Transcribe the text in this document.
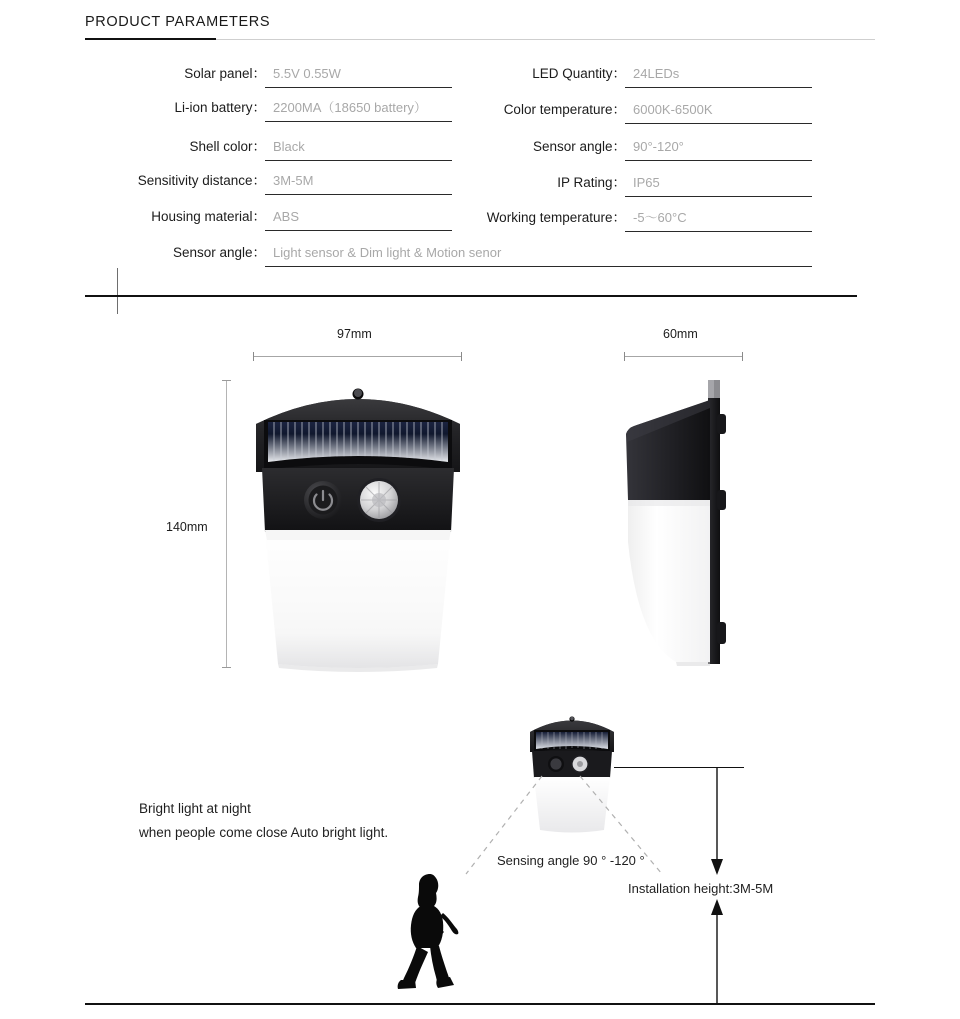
PRODUCT PARAMETERS
Solar panel： 5.5V 0.55W
Li-ion battery： 2200MA（18650 battery）
Shell color： Black
Sensitivity distance： 3M-5M
Housing material： ABS
LED Quantity： 24LEDs
Color temperature： 6000K-6500K
Sensor angle： 90°-120°
IP Rating： IP65
Working temperature： -5〜60°C
Sensor angle： Light sensor & Dim light & Motion senor
97mm	60mm
140mm
Bright light at night
when people come close Auto bright light.
Sensing angle 90 ° -120 °
Installation height:3M-5M
